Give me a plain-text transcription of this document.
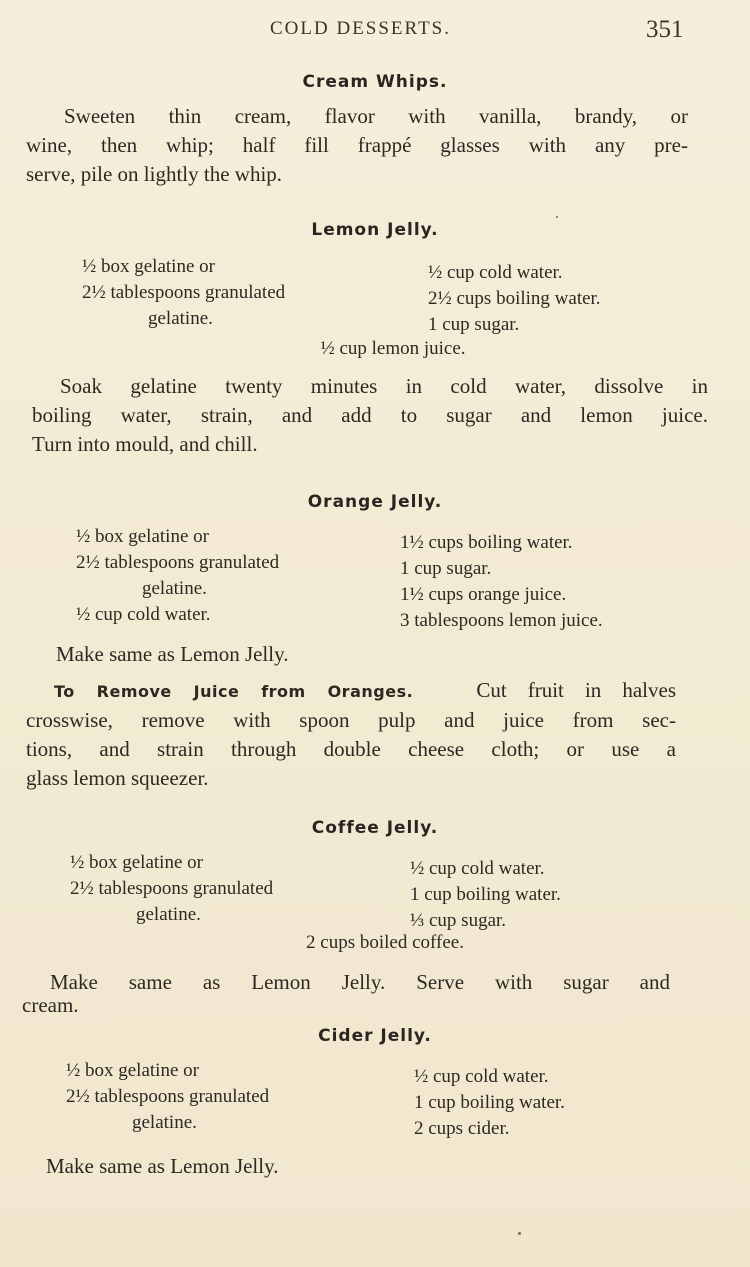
COLD DESSERTS.	351
Cream Whips.
Sweeten thin cream, flavor with vanilla, brandy, or
wine, then whip; half fill frappé glasses with any pre-
serve, pile on lightly the whip.
Lemon Jelly.
½ box gelatine or
2½ tablespoons granulated
gelatine.
½ cup cold water.
2½ cups boiling water.
1 cup sugar.
½ cup lemon juice.
Soak gelatine twenty minutes in cold water, dissolve in
boiling water, strain, and add to sugar and lemon juice.
Turn into mould, and chill.
Orange Jelly.
½ box gelatine or
2½ tablespoons granulated
gelatine.
½ cup cold water.
1½ cups boiling water.
1 cup sugar.
1½ cups orange juice.
3 tablespoons lemon juice.
Make same as Lemon Jelly.
To Remove Juice from Oranges.	Cut fruit in halves
crosswise, remove with spoon pulp and juice from sec-
tions, and strain through double cheese cloth; or use a
glass lemon squeezer.
Coffee Jelly.
½ box gelatine or
2½ tablespoons granulated
gelatine.
½ cup cold water.
1 cup boiling water.
⅓ cup sugar.
2 cups boiled coffee.
Make same as Lemon Jelly. Serve with sugar and
cream.
Cider Jelly.
½ box gelatine or
2½ tablespoons granulated
gelatine.
½ cup cold water.
1 cup boiling water.
2 cups cider.
Make same as Lemon Jelly.
